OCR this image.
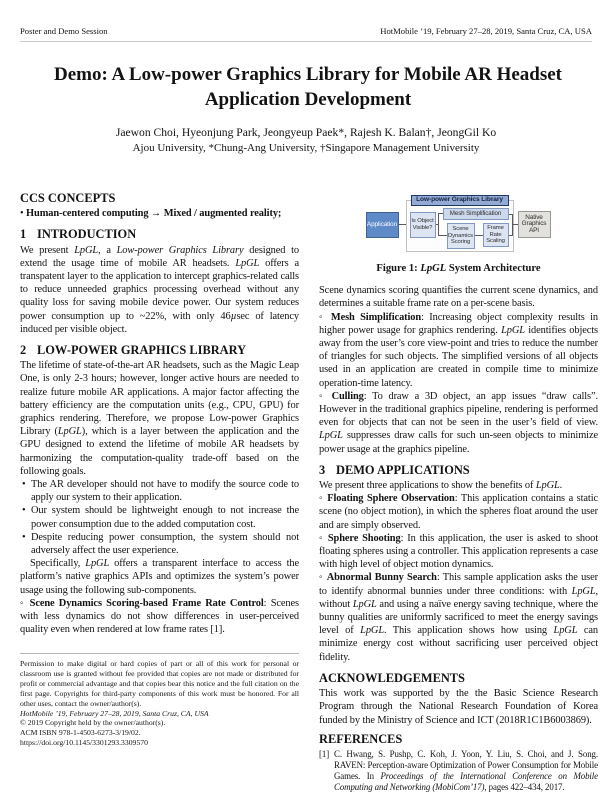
Poster and Demo Session	HotMobile ’19, February 27–28, 2019, Santa Cruz, CA, USA
Demo: A Low-power Graphics Library for Mobile AR Headset Application Development
Jaewon Choi, Hyeonjung Park, Jeongyeup Paek*, Rajesh K. Balan†, JeongGil Ko
Ajou University, *Chung-Ang University, †Singapore Management University
CCS CONCEPTS

• Human-centered computing → Mixed / augmented reality;

1 INTRODUCTION

We present LpGL, a Low-power Graphics Library designed to extend the usage time of mobile AR headsets. LpGL offers a transpatent layer to the application to intercept graphics-related calls to reduce unneeded graphics processing overhead without any quality loss for saving mobile device power. Our system reduces power consumption up to ~22%, with only 46µsec of latency induced per visible object.

2 LOW-POWER GRAPHICS LIBRARY

The lifetime of state-of-the-art AR headsets, such as the Magic Leap One, is only 2-3 hours; however, longer active hours are needed to realize future mobile AR applications. A major factor affecting the battery efficiency are the computation units (e.g., CPU, GPU) for graphics rendering. Therefore, we propose Low-power Graphics Library (LpGL), which is a layer between the application and the GPU designed to extend the lifetime of mobile AR headsets by harmonizing the computation-quality trade-off based on the following goals.

• The AR developer should not have to modify the source code to apply our system to their application.
• Our system should be lightweight enough to not increase the power consumption due to the added computation cost.
• Despite reducing power consumption, the system should not adversely affect the user experience.

Specifically, LpGL offers a transparent interface to access the platform’s native graphics APIs and optimizes the system’s power usage using the following sub-components.

◦ Scene Dynamics Scoring-based Frame Rate Control: Scenes with less dynamics do not show differences in user-perceived quality even when rendered at low frame rates [1].

Application
Low-power Graphics Library
Is Object Visible?
Mesh Simplification
Scene Dynamics Scoring
Frame Rate Scaling
Native Graphics API
Figure 1: LpGL System Architecture

Scene dynamics scoring quantifies the current scene dynamics, and determines a suitable frame rate on a per-scene basis.

◦ Mesh Simplification: Increasing object complexity results in higher power usage for graphics rendering. LpGL identifies objects away from the user’s core view-point and tries to reduce the number of triangles for such objects. The simplified versions of all objects used in an application are created in compile time to minimize operation-time latency.

◦ Culling: To draw a 3D object, an app issues “draw calls”. However in the traditional graphics pipeline, rendering is performed even for objects that can not be seen in the user’s field of view. LpGL suppresses draw calls for such un-seen objects to minimize power usage at the graphics pipeline.

3 DEMO APPLICATIONS

We present three applications to show the benefits of LpGL.

◦ Floating Sphere Observation: This application contains a static scene (no object motion), in which the spheres float around the user and are simply observed.

◦ Sphere Shooting: In this application, the user is asked to shoot floating spheres using a controller. This application represents a case with high level of object motion dynamics.

◦ Abnormal Bunny Search: This sample application asks the user to identify abnormal bunnies under three conditions: with LpGL, without LpGL and using a naïve energy saving technique, where the bunny qualities are uniformly sacrificed to meet the energy savings level of LpGL. This application shows how using LpGL can minimize energy cost without sacrificing user perceived object fidelity.

ACKNOWLEDGEMENTS

This work was supported by the the Basic Science Research Program through the National Research Foundation of Korea funded by the Ministry of Science and ICT (2018R1C1B6003869).

REFERENCES
[1] C. Hwang, S. Pushp, C. Koh, J. Yoon, Y. Liu, S. Choi, and J. Song. RAVEN: Perception-aware Optimization of Power Consumption for Mobile Games. In Proceedings of the International Conference on Mobile Computing and Networking (MobiCom’17), pages 422–434, 2017.
Permission to make digital or hard copies of part or all of this work for personal or classroom use is granted without fee provided that copies are not made or distributed for profit or commercial advantage and that copies bear this notice and the full citation on the first page. Copyrights for third-party components of this work must be honored. For all other uses, contact the owner/author(s).
HotMobile ’19, February 27–28, 2019, Santa Cruz, CA, USA
© 2019 Copyright held by the owner/author(s).
ACM ISBN 978-1-4503-6273-3/19/02.
https://doi.org/10.1145/3301293.3309570
